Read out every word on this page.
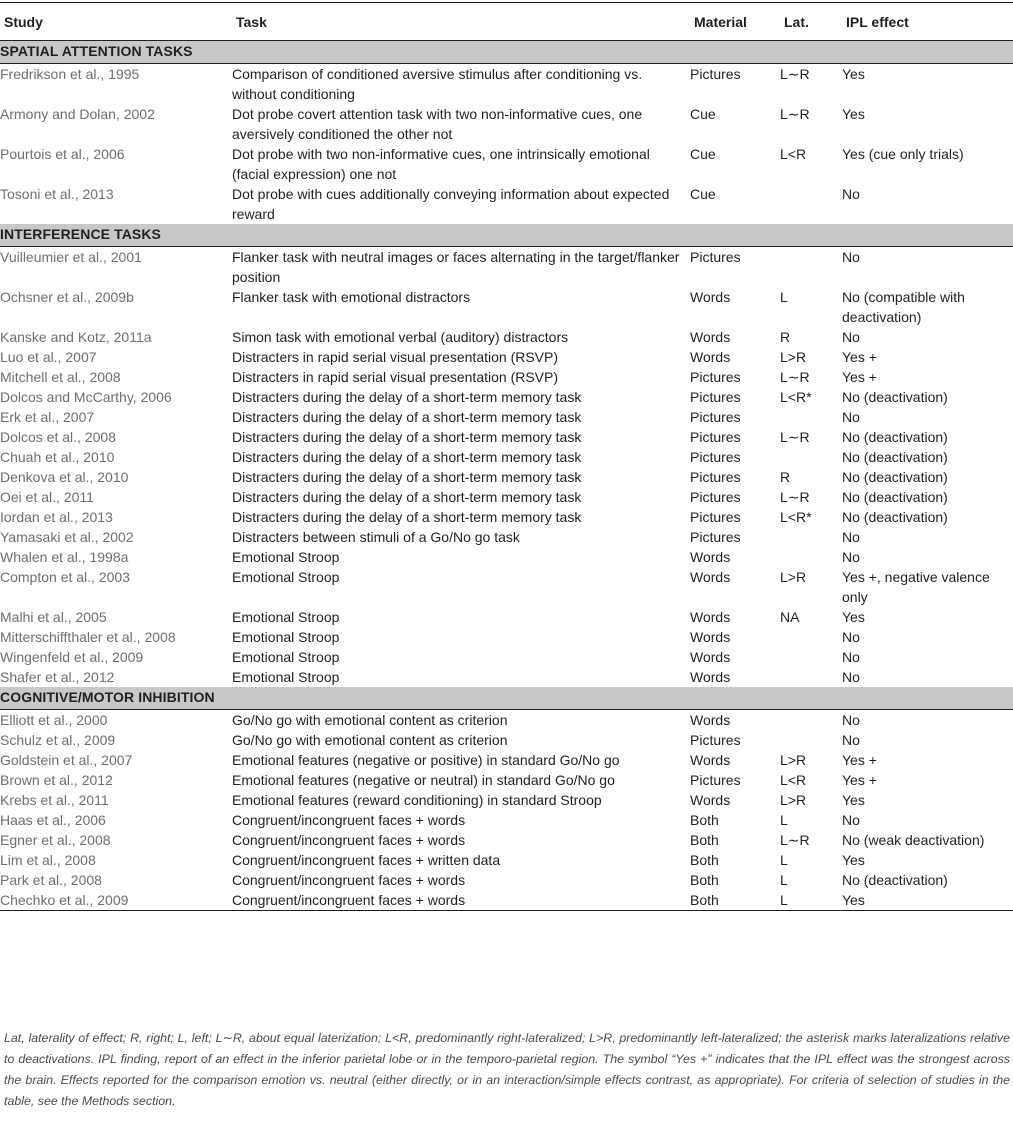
Study	Task	Material	Lat.	IPL effect
SPATIAL ATTENTION TASKS				
Fredrikson et al., 1995	Comparison of conditioned aversive stimulus after conditioning vs. without conditioning	Pictures	L∼R	Yes
Armony and Dolan, 2002	Dot probe covert attention task with two non-informative cues, one aversively conditioned the other not	Cue	L∼R	Yes
Pourtois et al., 2006	Dot probe with two non-informative cues, one intrinsically emotional (facial expression) one not	Cue	L<R	Yes (cue only trials)
Tosoni et al., 2013	Dot probe with cues additionally conveying information about expected reward	Cue		No
INTERFERENCE TASKS				
Vuilleumier et al., 2001	Flanker task with neutral images or faces alternating in the target/flanker position	Pictures		No
Ochsner et al., 2009b	Flanker task with emotional distractors	Words	L	No (compatible with deactivation)
Kanske and Kotz, 2011a	Simon task with emotional verbal (auditory) distractors	Words	R	No
Luo et al., 2007	Distracters in rapid serial visual presentation (RSVP)	Words	L>R	Yes +
Mitchell et al., 2008	Distracters in rapid serial visual presentation (RSVP)	Pictures	L∼R	Yes +
Dolcos and McCarthy, 2006	Distracters during the delay of a short-term memory task	Pictures	L<R*	No (deactivation)
Erk et al., 2007	Distracters during the delay of a short-term memory task	Pictures		No
Dolcos et al., 2008	Distracters during the delay of a short-term memory task	Pictures	L∼R	No (deactivation)
Chuah et al., 2010	Distracters during the delay of a short-term memory task	Pictures		No (deactivation)
Denkova et al., 2010	Distracters during the delay of a short-term memory task	Pictures	R	No (deactivation)
Oei et al., 2011	Distracters during the delay of a short-term memory task	Pictures	L∼R	No (deactivation)
Iordan et al., 2013	Distracters during the delay of a short-term memory task	Pictures	L<R*	No (deactivation)
Yamasaki et al., 2002	Distracters between stimuli of a Go/No go task	Pictures		No
Whalen et al., 1998a	Emotional Stroop	Words		No
Compton et al., 2003	Emotional Stroop	Words	L>R	Yes +, negative valence only
Malhi et al., 2005	Emotional Stroop	Words	NA	Yes
Mitterschiffthaler et al., 2008	Emotional Stroop	Words		No
Wingenfeld et al., 2009	Emotional Stroop	Words		No
Shafer et al., 2012	Emotional Stroop	Words		No
COGNITIVE/MOTOR INHIBITION				
Elliott et al., 2000	Go/No go with emotional content as criterion	Words		No
Schulz et al., 2009	Go/No go with emotional content as criterion	Pictures		No
Goldstein et al., 2007	Emotional features (negative or positive) in standard Go/No go	Words	L>R	Yes +
Brown et al., 2012	Emotional features (negative or neutral) in standard Go/No go	Pictures	L<R	Yes +
Krebs et al., 2011	Emotional features (reward conditioning) in standard Stroop	Words	L>R	Yes
Haas et al., 2006	Congruent/incongruent faces + words	Both	L	No
Egner et al., 2008	Congruent/incongruent faces + words	Both	L∼R	No (weak deactivation)
Lim et al., 2008	Congruent/incongruent faces + written data	Both	L	Yes
Park et al., 2008	Congruent/incongruent faces + words	Both	L	No (deactivation)
Chechko et al., 2009	Congruent/incongruent faces + words	Both	L	Yes

Lat, laterality of effect; R, right; L, left; L∼R, about equal laterization; L<R, predominantly right-lateralized; L>R, predominantly left-lateralized; the asterisk marks lateralizations relative to deactivations. IPL finding, report of an effect in the inferior parietal lobe or in the temporo-parietal region. The symbol “Yes +” indicates that the IPL effect was the strongest across the brain. Effects reported for the comparison emotion vs. neutral (either directly, or in an interaction/simple effects contrast, as appropriate). For criteria of selection of studies in the table, see the Methods section.
